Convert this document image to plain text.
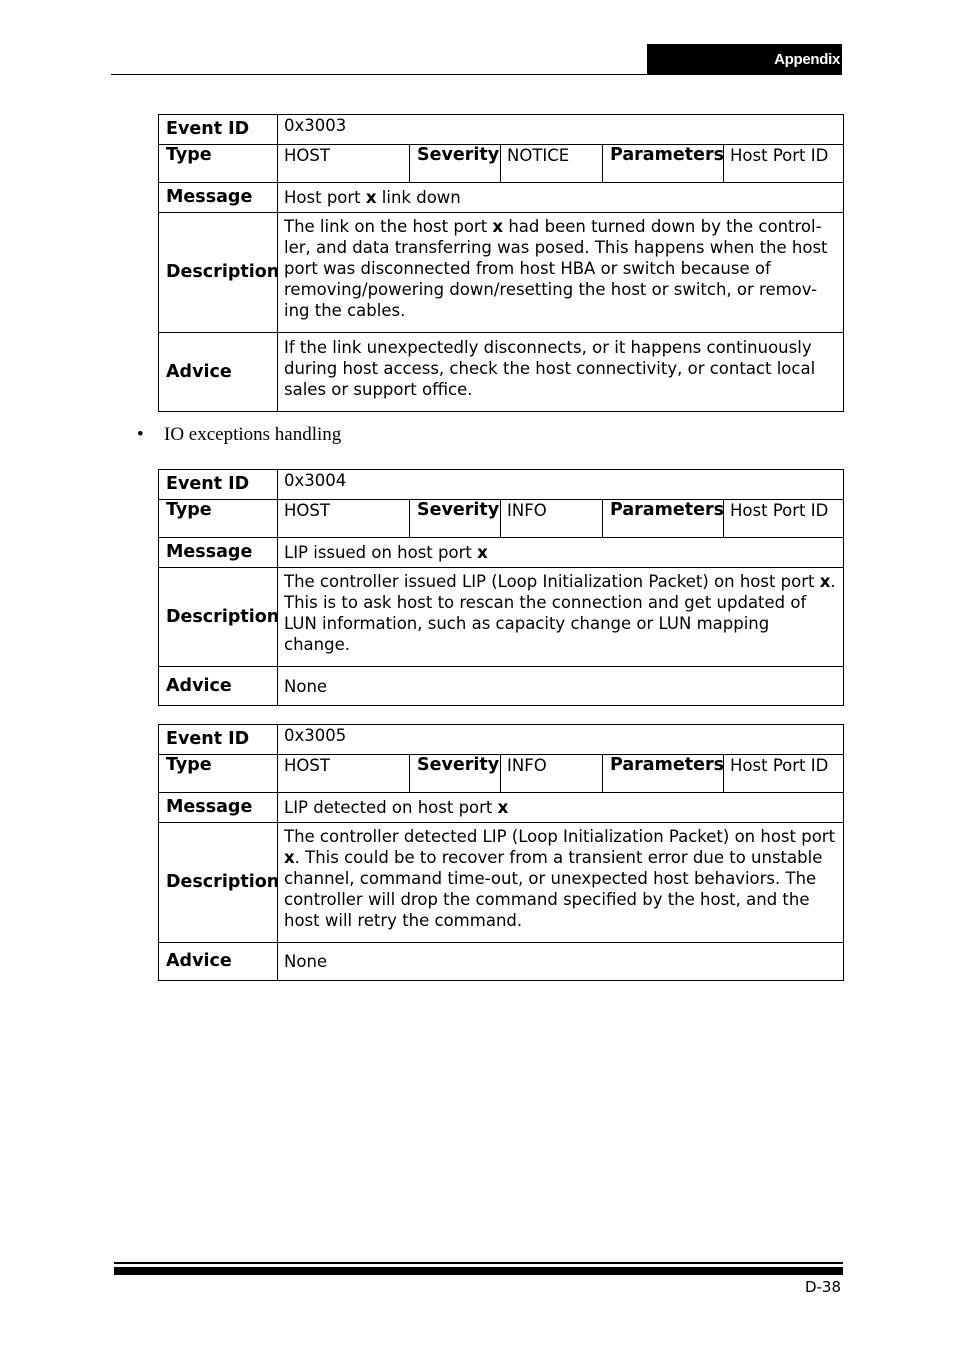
Appendix
Event ID	0x3003				
Type	HOST	Severity	NOTICE	Parameters	Host Port ID
Message	Host port x link down				
Description	The link on the host port x had been turned down by the control-ler, and data transferring was posed. This happens when the host port was disconnected from host HBA or switch because of removing/powering down/resetting the host or switch, or remov-ing the cables.				
Advice	If the link unexpectedly disconnects, or it happens continuously during host access, check the host connectivity, or contact local sales or support office.				
• IO exceptions handling
Event ID	0x3004				
Type	HOST	Severity	INFO	Parameters	Host Port ID
Message	LIP issued on host port x				
Description	The controller issued LIP (Loop Initialization Packet) on host port x. This is to ask host to rescan the connection and get updated of LUN information, such as capacity change or LUN mapping change.				
Advice	None				
Event ID	0x3005				
Type	HOST	Severity	INFO	Parameters	Host Port ID
Message	LIP detected on host port x				
Description	The controller detected LIP (Loop Initialization Packet) on host port x. This could be to recover from a transient error due to unstable channel, command time-out, or unexpected host behaviors. The controller will drop the command specified by the host, and the host will retry the command.				
Advice	None				
D-38
